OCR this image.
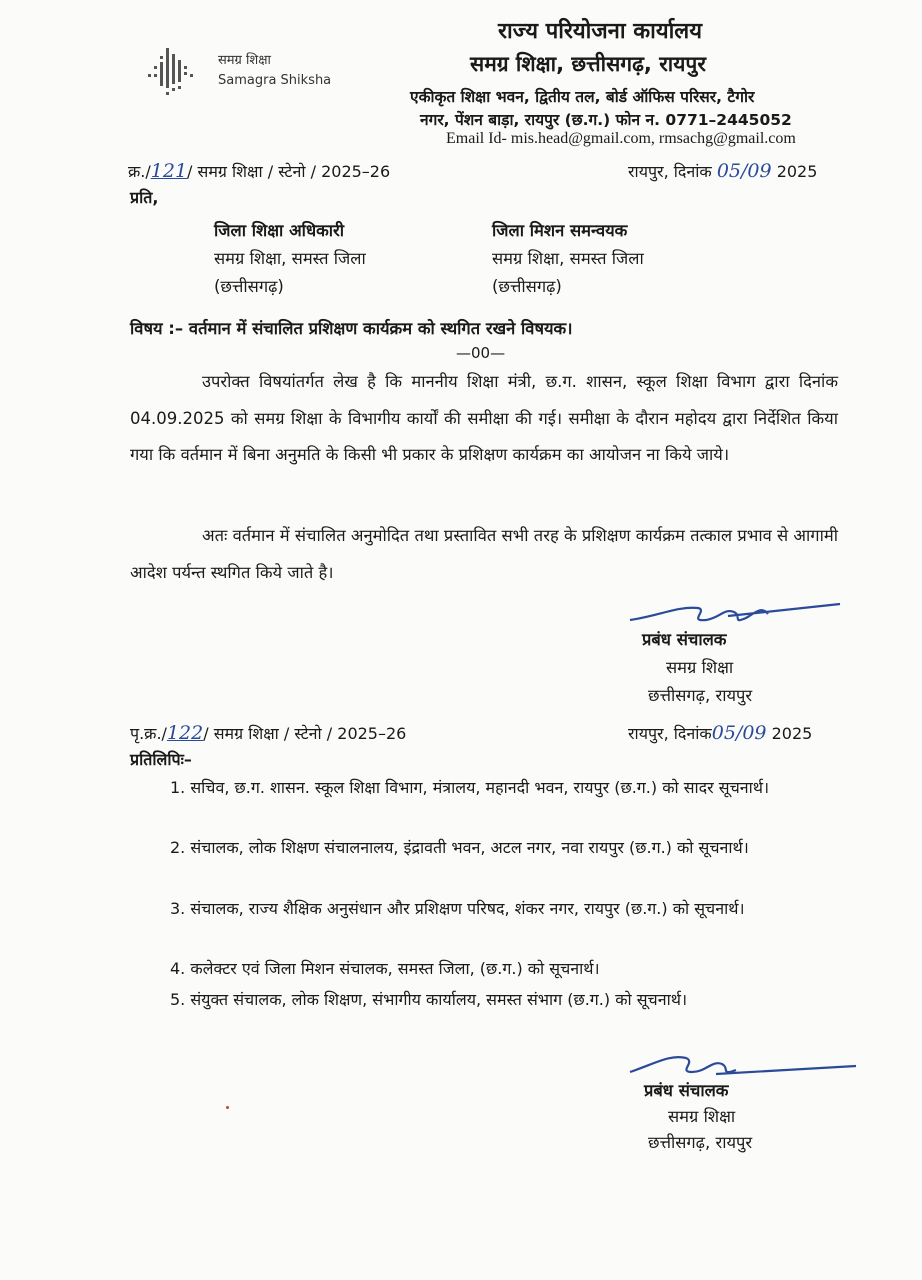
समग्र शिक्षा
Samagra Shiksha
राज्य परियोजना कार्यालय
समग्र शिक्षा, छत्तीसगढ़, रायपुर
एकीकृत शिक्षा भवन, द्वितीय तल, बोर्ड ऑफिस परिसर, टैगोर
नगर, पेंशन बाड़ा, रायपुर (छ.ग.) फोन न. 0771–2445052
Email Id- mis.head@gmail.com, rmsachg@gmail.com
क्र./121/ समग्र शिक्षा / स्टेनो / 2025–26	रायपुर, दिनांक 05/09 2025
प्रति,
जिला शिक्षा अधिकारी
समग्र शिक्षा, समस्त जिला
(छत्तीसगढ़)
जिला मिशन समन्वयक
समग्र शिक्षा, समस्त जिला
(छत्तीसगढ़)
विषय :– वर्तमान में संचालित प्रशिक्षण कार्यक्रम को स्थगित रखने विषयक।
—00—
उपरोक्त विषयांतर्गत लेख है कि माननीय शिक्षा मंत्री, छ.ग. शासन, स्कूल शिक्षा विभाग द्वारा दिनांक 04.09.2025 को समग्र शिक्षा के विभागीय कार्यों की समीक्षा की गई। समीक्षा के दौरान महोदय द्वारा निर्देशित किया गया कि वर्तमान में बिना अनुमति के किसी भी प्रकार के प्रशिक्षण कार्यक्रम का आयोजन ना किये जाये।
अतः वर्तमान में संचालित अनुमोदित तथा प्रस्तावित सभी तरह के प्रशिक्षण कार्यक्रम तत्काल प्रभाव से आगामी आदेश पर्यन्त स्थगित किये जाते है।
प्रबंध संचालक
समग्र शिक्षा
छत्तीसगढ़, रायपुर
पृ.क्र./122/ समग्र शिक्षा / स्टेनो / 2025–26	रायपुर, दिनांक05/09 2025
प्रतिलिपिः–
1. सचिव, छ.ग. शासन. स्कूल शिक्षा विभाग, मंत्रालय, महानदी भवन, रायपुर (छ.ग.) को सादर सूचनार्थ।
2. संचालक, लोक शिक्षण संचालनालय, इंद्रावती भवन, अटल नगर, नवा रायपुर (छ.ग.) को सूचनार्थ।
3. संचालक, राज्य शैक्षिक अनुसंधान और प्रशिक्षण परिषद, शंकर नगर, रायपुर (छ.ग.) को सूचनार्थ।
4. कलेक्टर एवं जिला मिशन संचालक, समस्त जिला, (छ.ग.) को सूचनार्थ।
5. संयुक्त संचालक, लोक शिक्षण, संभागीय कार्यालय, समस्त संभाग (छ.ग.) को सूचनार्थ।
प्रबंध संचालक
समग्र शिक्षा
छत्तीसगढ़, रायपुर
